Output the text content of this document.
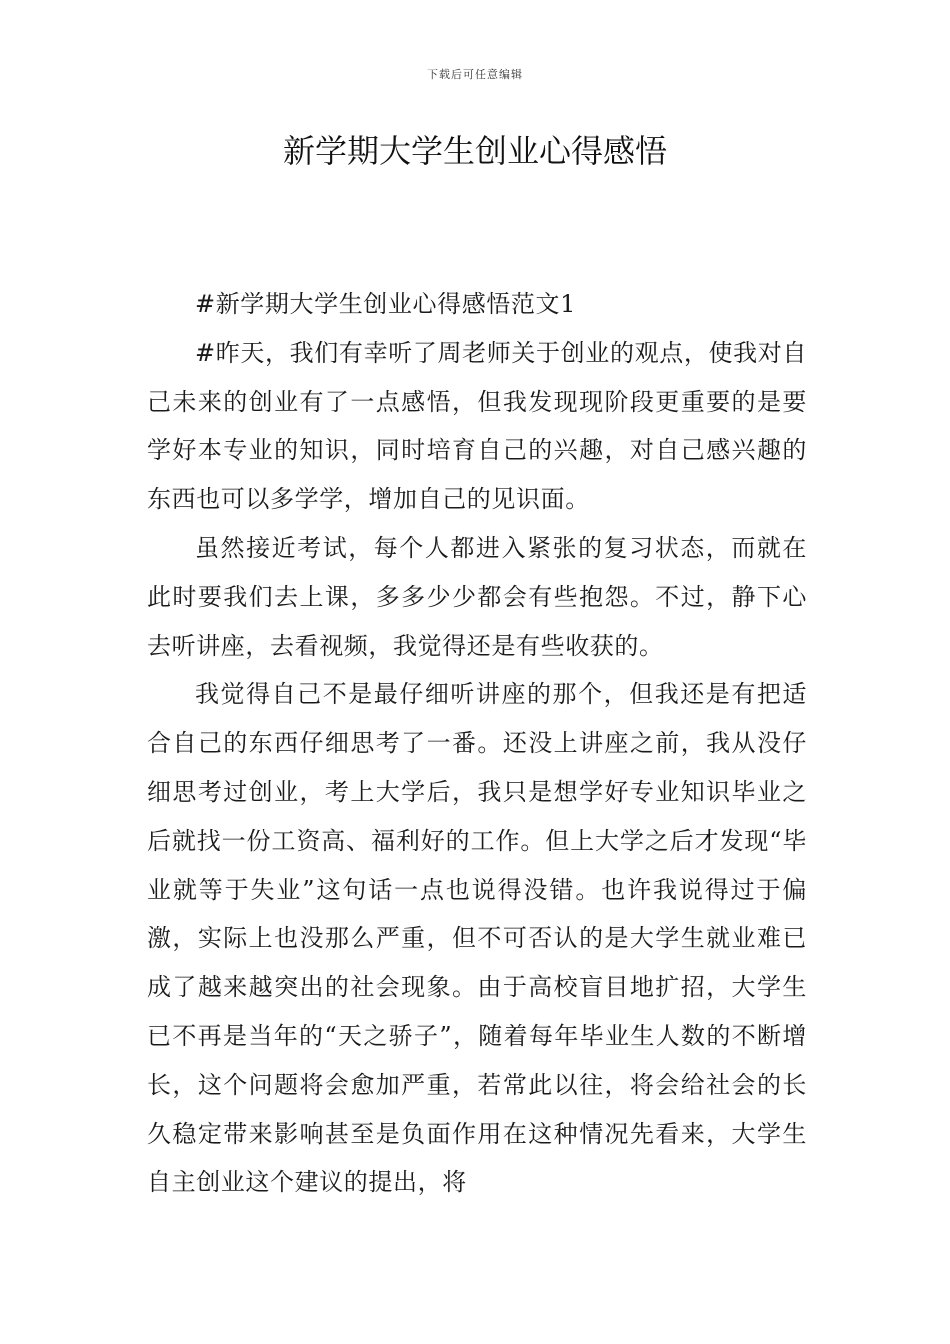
下载后可任意编辑
新学期大学生创业心得感悟

#新学期大学生创业心得感悟范文1

#昨天，我们有幸听了周老师关于创业的观点，使我对自己未来的创业有了一点感悟，但我发现现阶段更重要的是要学好本专业的知识，同时培育自己的兴趣，对自己感兴趣的东西也可以多学学，增加自己的见识面。

虽然接近考试，每个人都进入紧张的复习状态，而就在此时要我们去上课，多多少少都会有些抱怨。不过，静下心去听讲座，去看视频，我觉得还是有些收获的。

我觉得自己不是最仔细听讲座的那个，但我还是有把适合自己的东西仔细思考了一番。还没上讲座之前，我从没仔细思考过创业，考上大学后，我只是想学好专业知识毕业之后就找一份工资高、福利好的工作。但上大学之后才发现“毕业就等于失业”这句话一点也说得没错。也许我说得过于偏激，实际上也没那么严重，但不可否认的是大学生就业难已成了越来越突出的社会现象。由于高校盲目地扩招，大学生已不再是当年的“天之骄子”，随着每年毕业生人数的不断增长，这个问题将会愈加严重，若常此以往，将会给社会的长久稳定带来影响甚至是负面作用在这种情况先看来，大学生自主创业这个建议的提出，将
